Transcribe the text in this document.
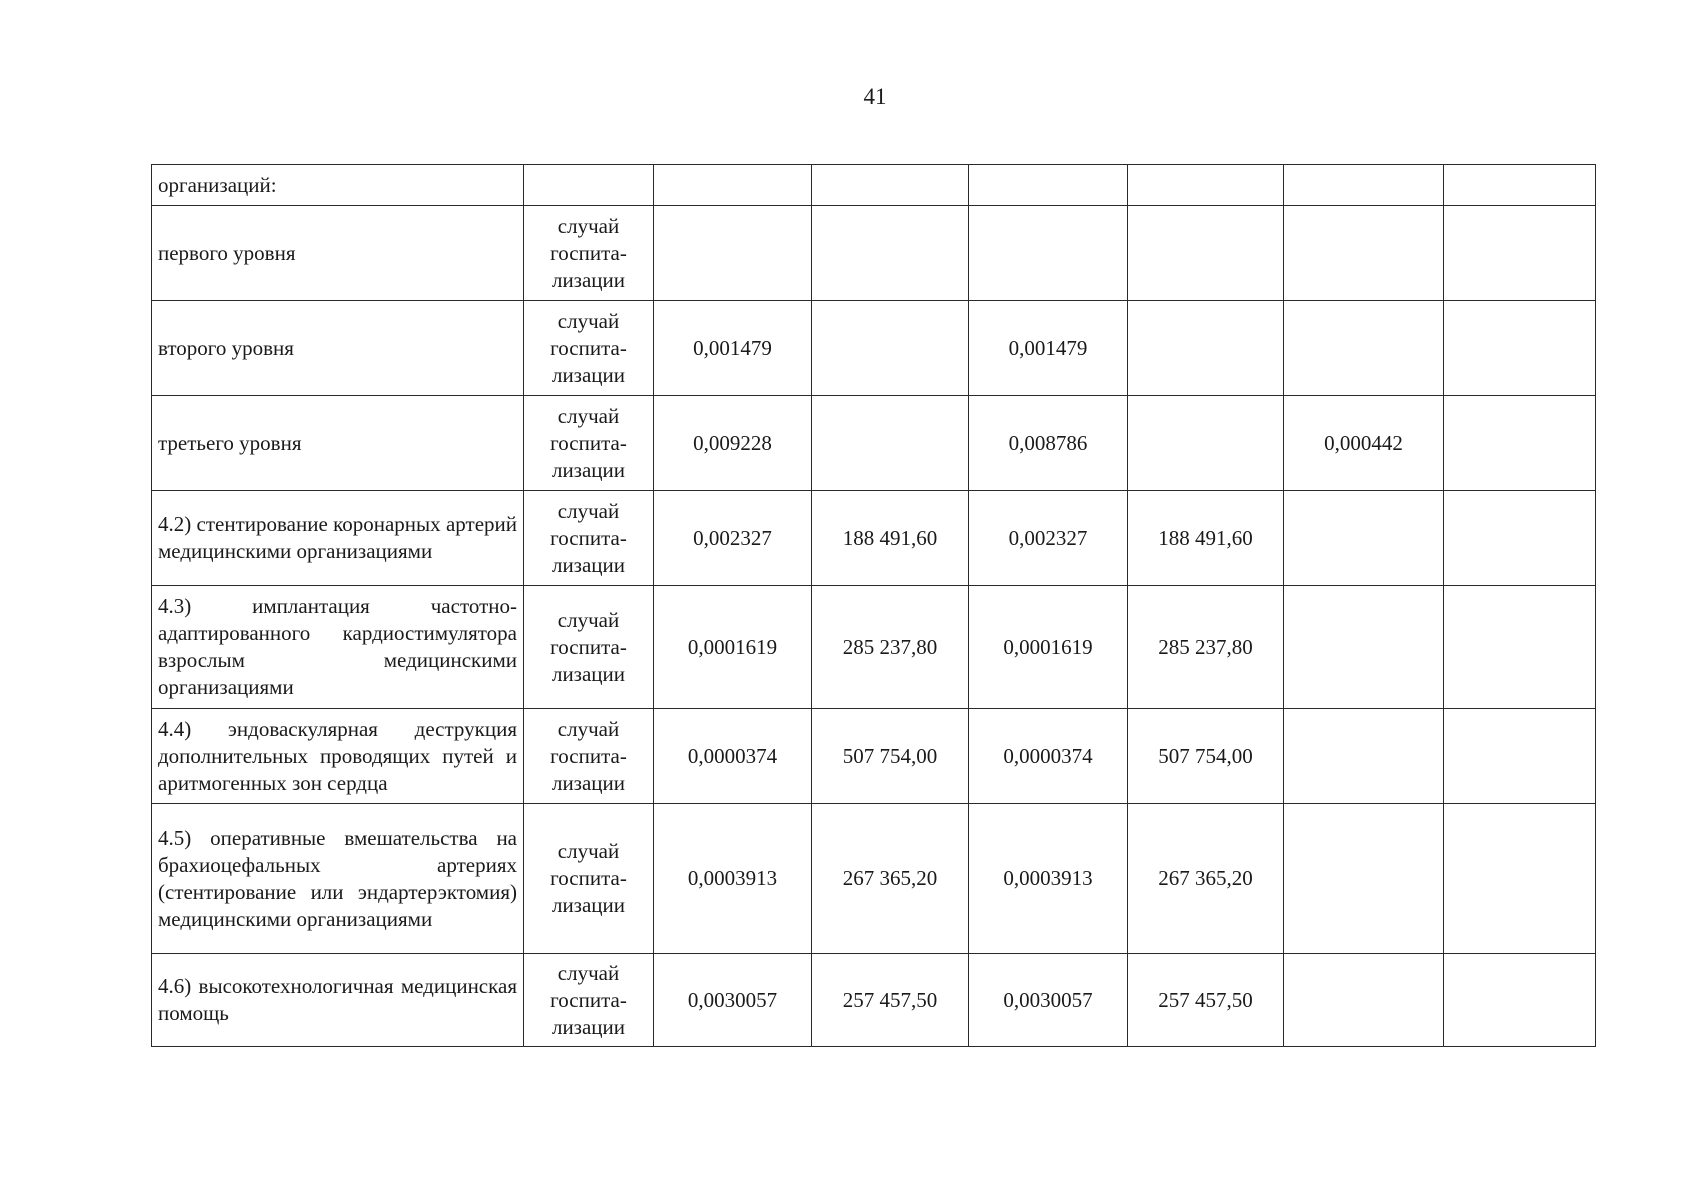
41
организаций:							
первого уровня	случай госпита-лизации						
второго уровня	случай госпита-лизации	0,001479		0,001479			
третьего уровня	случай госпита-лизации	0,009228		0,008786		0,000442	
4.2) стентирование коронарных артерий медицинскими организациями	случай госпита-лизации	0,002327	188 491,60	0,002327	188 491,60		
4.3) имплантация частотно-адаптированного кардиостимулятора взрослым медицинскими организациями	случай госпита-лизации	0,0001619	285 237,80	0,0001619	285 237,80		
4.4) эндоваскулярная деструкция дополнительных проводящих путей и аритмогенных зон сердца	случай госпита-лизации	0,0000374	507 754,00	0,0000374	507 754,00		
4.5) оперативные вмешательства на брахиоцефальных артериях (стентирование или эндартерэктомия) медицинскими организациями	случай госпита-лизации	0,0003913	267 365,20	0,0003913	267 365,20		
4.6) высокотехнологичная медицинская помощь	случай госпита-лизации	0,0030057	257 457,50	0,0030057	257 457,50		
